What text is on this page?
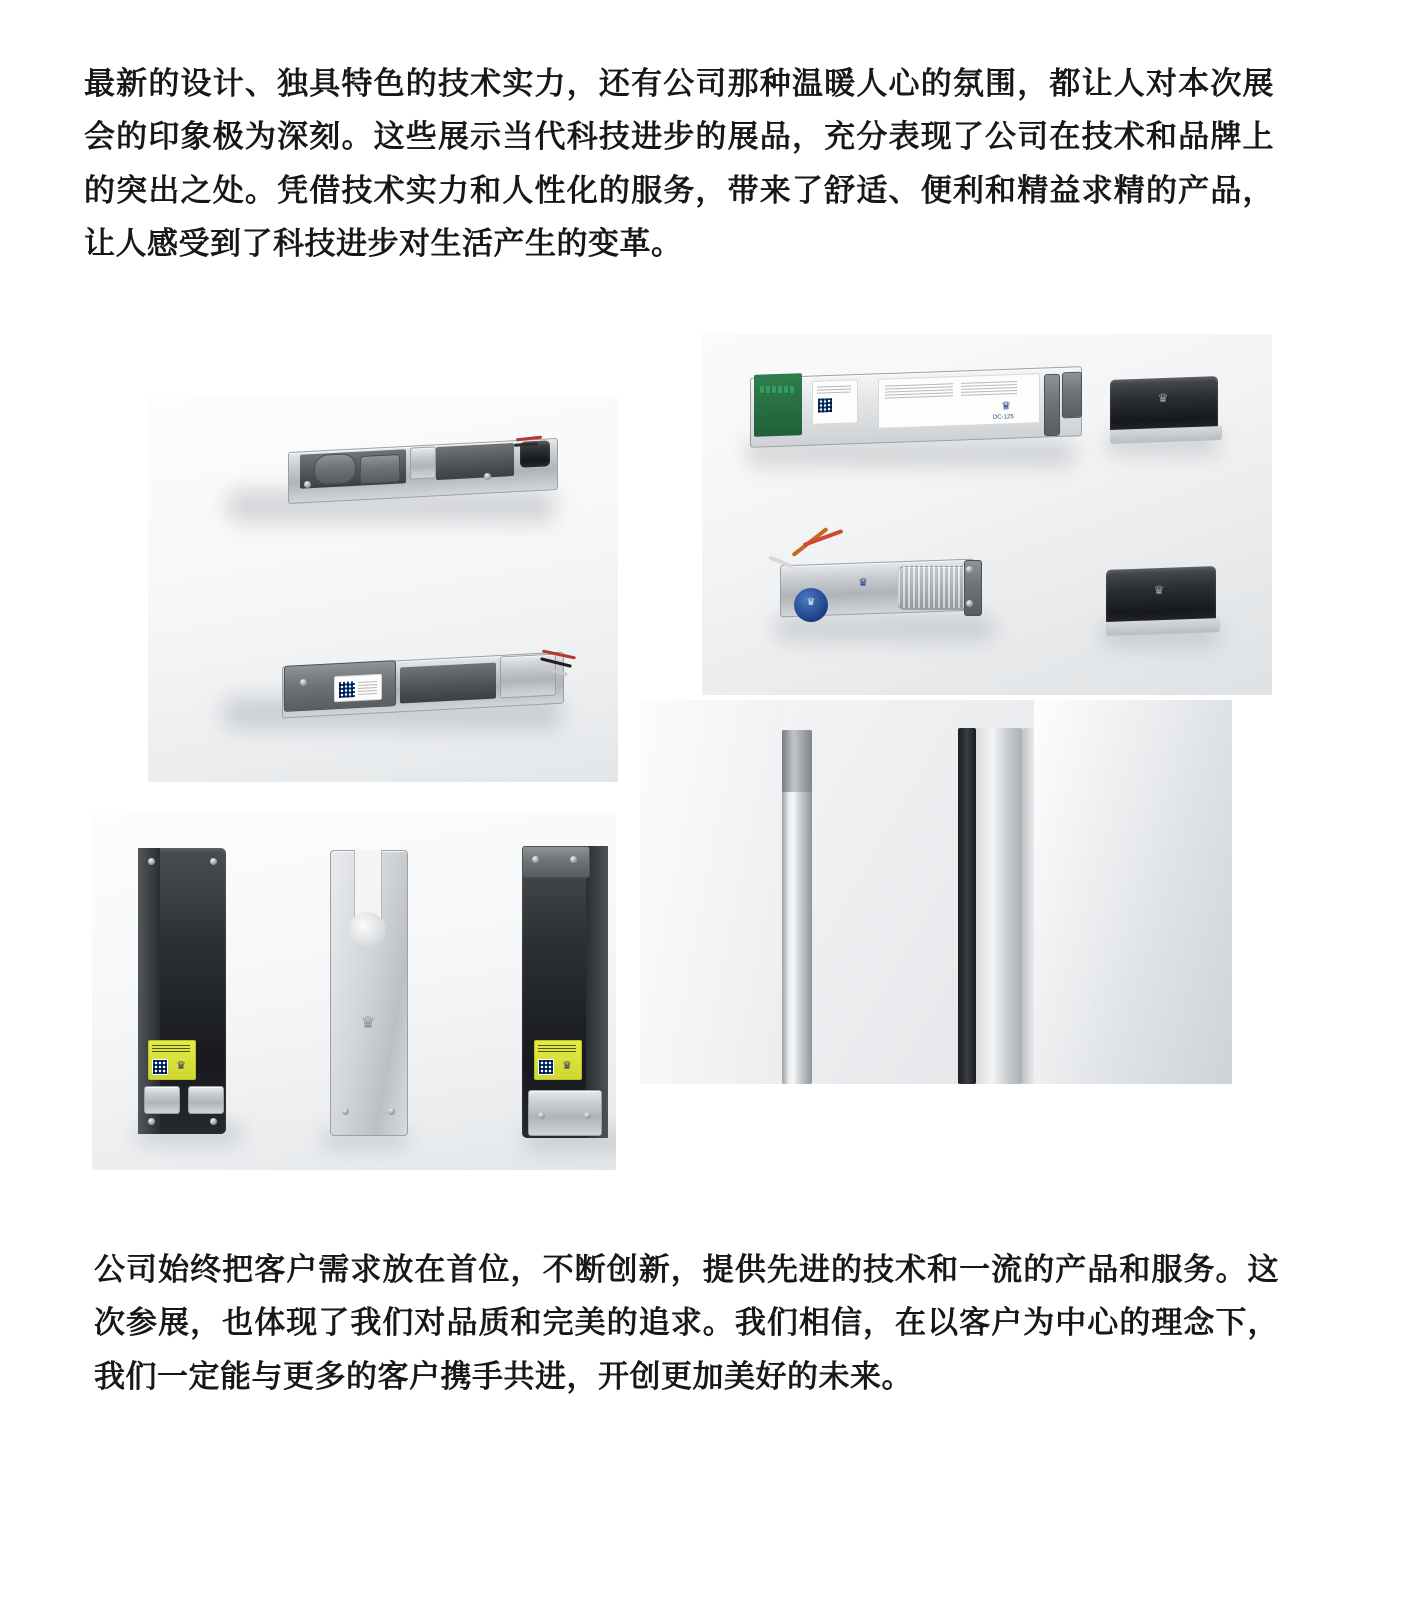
最新的设计、独具特色的技术实力，还有公司那种温暖人心的氛围，都让人对本次展会的印象极为深刻。这些展示当代科技进步的展品，充分表现了公司在技术和品牌上的突出之处。凭借技术实力和人性化的服务，带来了舒适、便利和精益求精的产品，让人感受到了科技进步对生活产生的变革。

♛
DC-125
♛
♛
♛
♛
♛
♛
♛

公司始终把客户需求放在首位，不断创新，提供先进的技术和一流的产品和服务。这次参展，也体现了我们对品质和完美的追求。我们相信，在以客户为中心的理念下，我们一定能与更多的客户携手共进，开创更加美好的未来。
